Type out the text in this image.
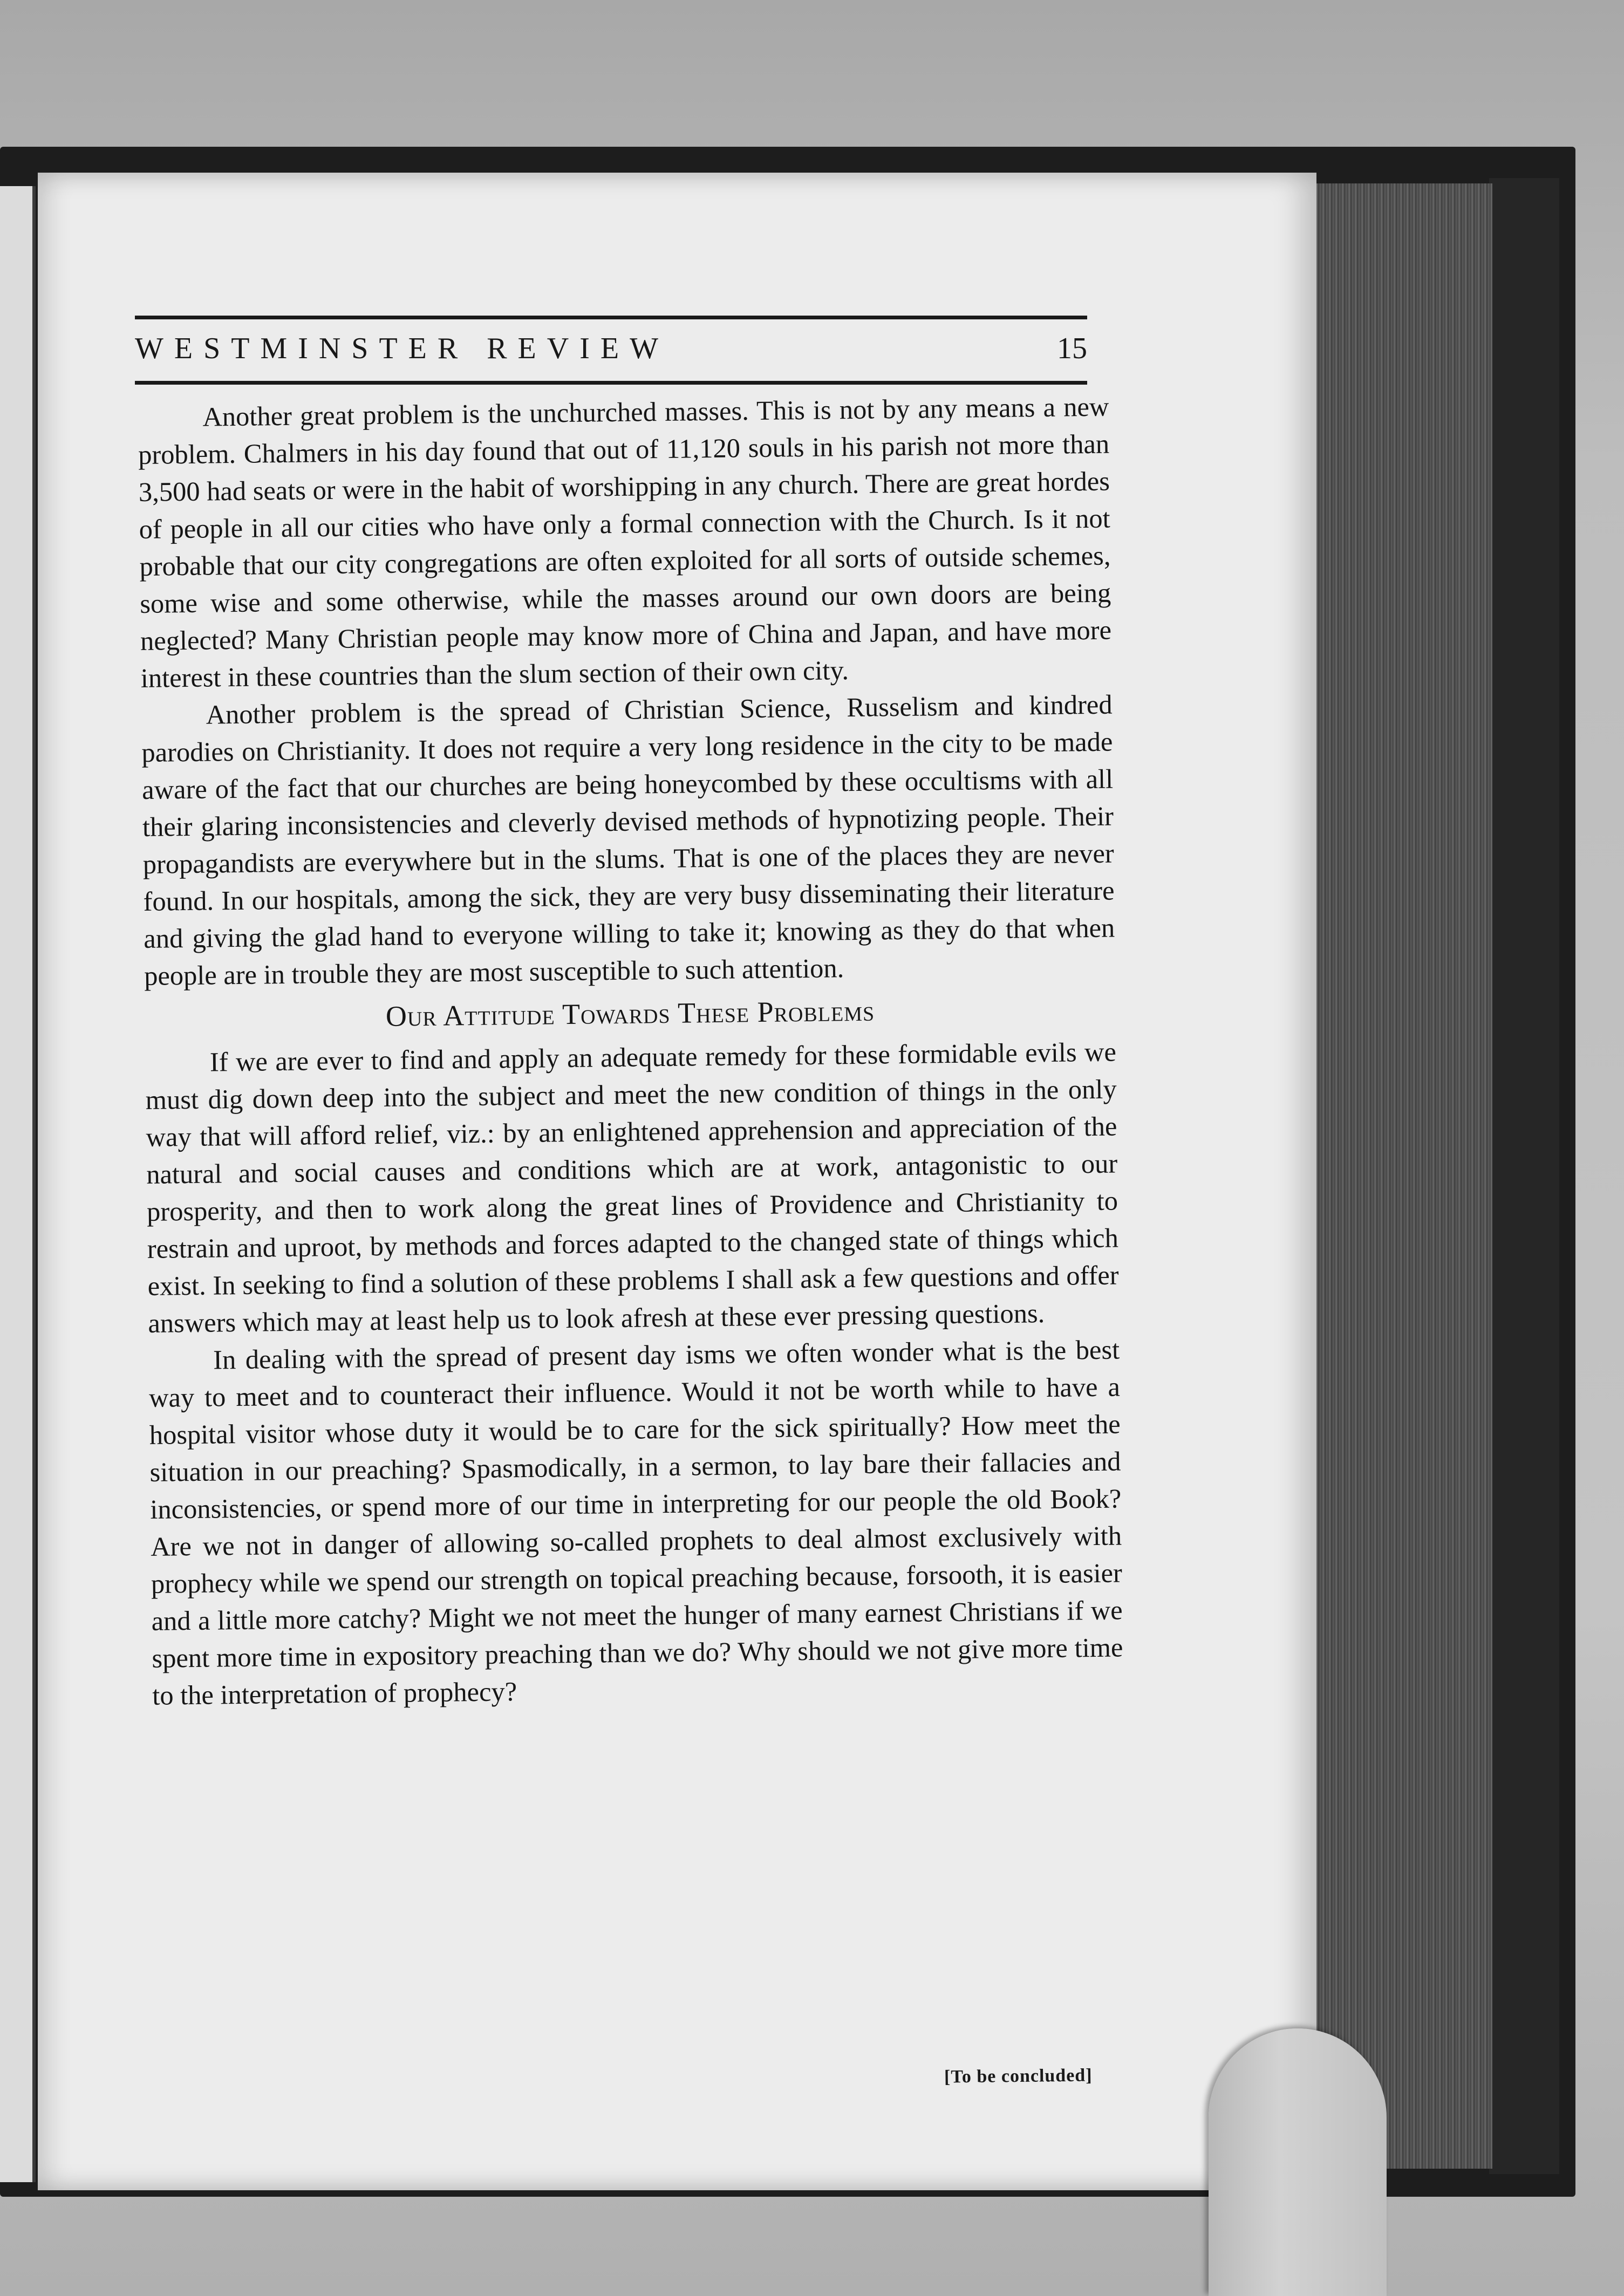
WESTMINSTER REVIEW	15

Another great problem is the unchurched masses. This is not by any means a new problem. Chalmers in his day found that out of 11,120 souls in his parish not more than 3,500 had seats or were in the habit of worshipping in any church. There are great hordes of people in all our cities who have only a formal connection with the Church. Is it not probable that our city congregations are often exploited for all sorts of outside schemes, some wise and some otherwise, while the masses around our own doors are being neglected? Many Christian people may know more of China and Japan, and have more interest in these countries than the slum section of their own city.

Another problem is the spread of Christian Science, Russelism and kindred parodies on Christianity. It does not require a very long residence in the city to be made aware of the fact that our churches are being honeycombed by these occultisms with all their glaring inconsistencies and cleverly devised methods of hypnotizing people. Their propagandists are everywhere but in the slums. That is one of the places they are never found. In our hospitals, among the sick, they are very busy disseminating their literature and giving the glad hand to everyone willing to take it; knowing as they do that when people are in trouble they are most susceptible to such attention.

Our Attitude Towards These Problems

If we are ever to find and apply an adequate remedy for these formidable evils we must dig down deep into the subject and meet the new condition of things in the only way that will afford relief, viz.: by an enlightened apprehension and appreciation of the natural and social causes and conditions which are at work, antagonistic to our prosperity, and then to work along the great lines of Providence and Christianity to restrain and uproot, by methods and forces adapted to the changed state of things which exist. In seeking to find a solution of these problems I shall ask a few questions and offer answers which may at least help us to look afresh at these ever pressing questions.

In dealing with the spread of present day isms we often wonder what is the best way to meet and to counteract their influence. Would it not be worth while to have a hospital visitor whose duty it would be to care for the sick spiritually? How meet the situation in our preaching? Spasmodically, in a sermon, to lay bare their fallacies and inconsistencies, or spend more of our time in interpreting for our people the old Book? Are we not in danger of allowing so-called prophets to deal almost exclusively with prophecy while we spend our strength on topical preaching because, forsooth, it is easier and a little more catchy? Might we not meet the hunger of many earnest Christians if we spent more time in expository preaching than we do? Why should we not give more time to the interpretation of prophecy?

[To be concluded]
